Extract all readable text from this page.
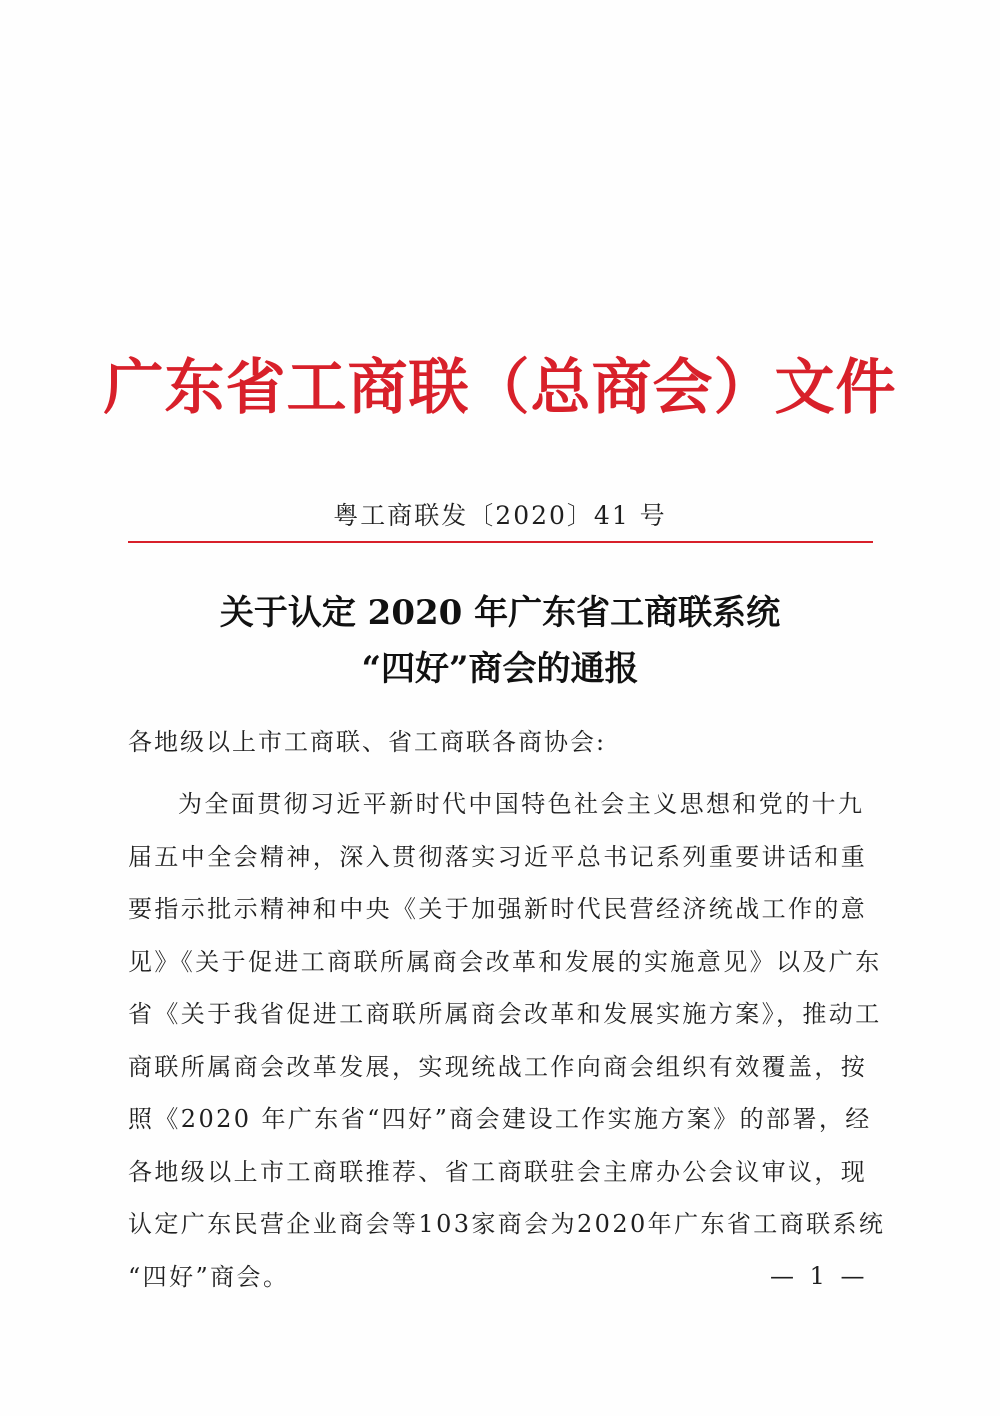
广东省工商联（总商会）文件
粤工商联发〔2020〕41 号
关于认定 2020 年广东省工商联系统
“四好”商会的通报
各地级以上市工商联、省工商联各商协会:
为全面贯彻习近平新时代中国特色社会主义思想和党的十九
届五中全会精神，深入贯彻落实习近平总书记系列重要讲话和重
要指示批示精神和中央《关于加强新时代民营经济统战工作的意
见》《关于促进工商联所属商会改革和发展的实施意见》以及广东
省《关于我省促进工商联所属商会改革和发展实施方案》，推动工
商联所属商会改革发展，实现统战工作向商会组织有效覆盖，按
照《2020 年广东省“四好”商会建设工作实施方案》的部署，经
各地级以上市工商联推荐、省工商联驻会主席办公会议审议，现
认定广东民营企业商会等103家商会为2020年广东省工商联系统
“四好”商会。	— 1 —
